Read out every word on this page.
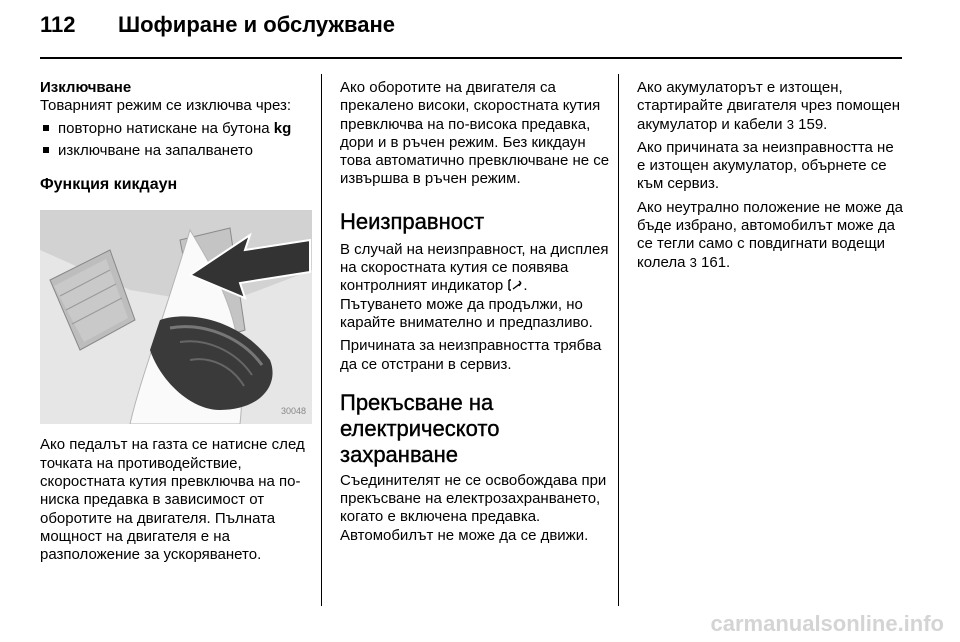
112 Шофиране и обслужване

Изключване

Товарният режим се изключва чрез:

повторно натискане на бутона kg

изключване на запалването

Функция кикдаун

30048

Ако педалът на газта се натисне след точката на противодействие, скоростната кутия превключва на по-ниска предавка в зависимост от оборотите на двигателя. Пълната мощност на двигателя е на разположение за ускоряването.

Ако оборотите на двигателя са прекалено високи, скоростната кутия превключва на по-висока предавка, дори и в ръчен режим. Без кикдаун това автоматично превключване не се извършва в ръчен режим.

Неизправност

В случай на неизправност, на дисплея на скоростната кутия се появява контролният индикатор . Пътуването може да продължи, но карайте внимателно и предпазливо.

Причината за неизправността трябва да се отстрани в сервиз.

Прекъсване на електрическото захранване

Съединителят не се освобождава при прекъсване на електрозахранването, когато е включена предавка. Автомобилът не може да се движи.

Ако акумулаторът е изтощен, стартирайте двигателя чрез помощен акумулатор и кабели 3 159.

Ако причината за неизправността не е изтощен акумулатор, обърнете се към сервиз.

Ако неутрално положение не може да бъде избрано, автомобилът може да се тегли само с повдигнати водещи колела 3 161.

carmanualsonline.info
